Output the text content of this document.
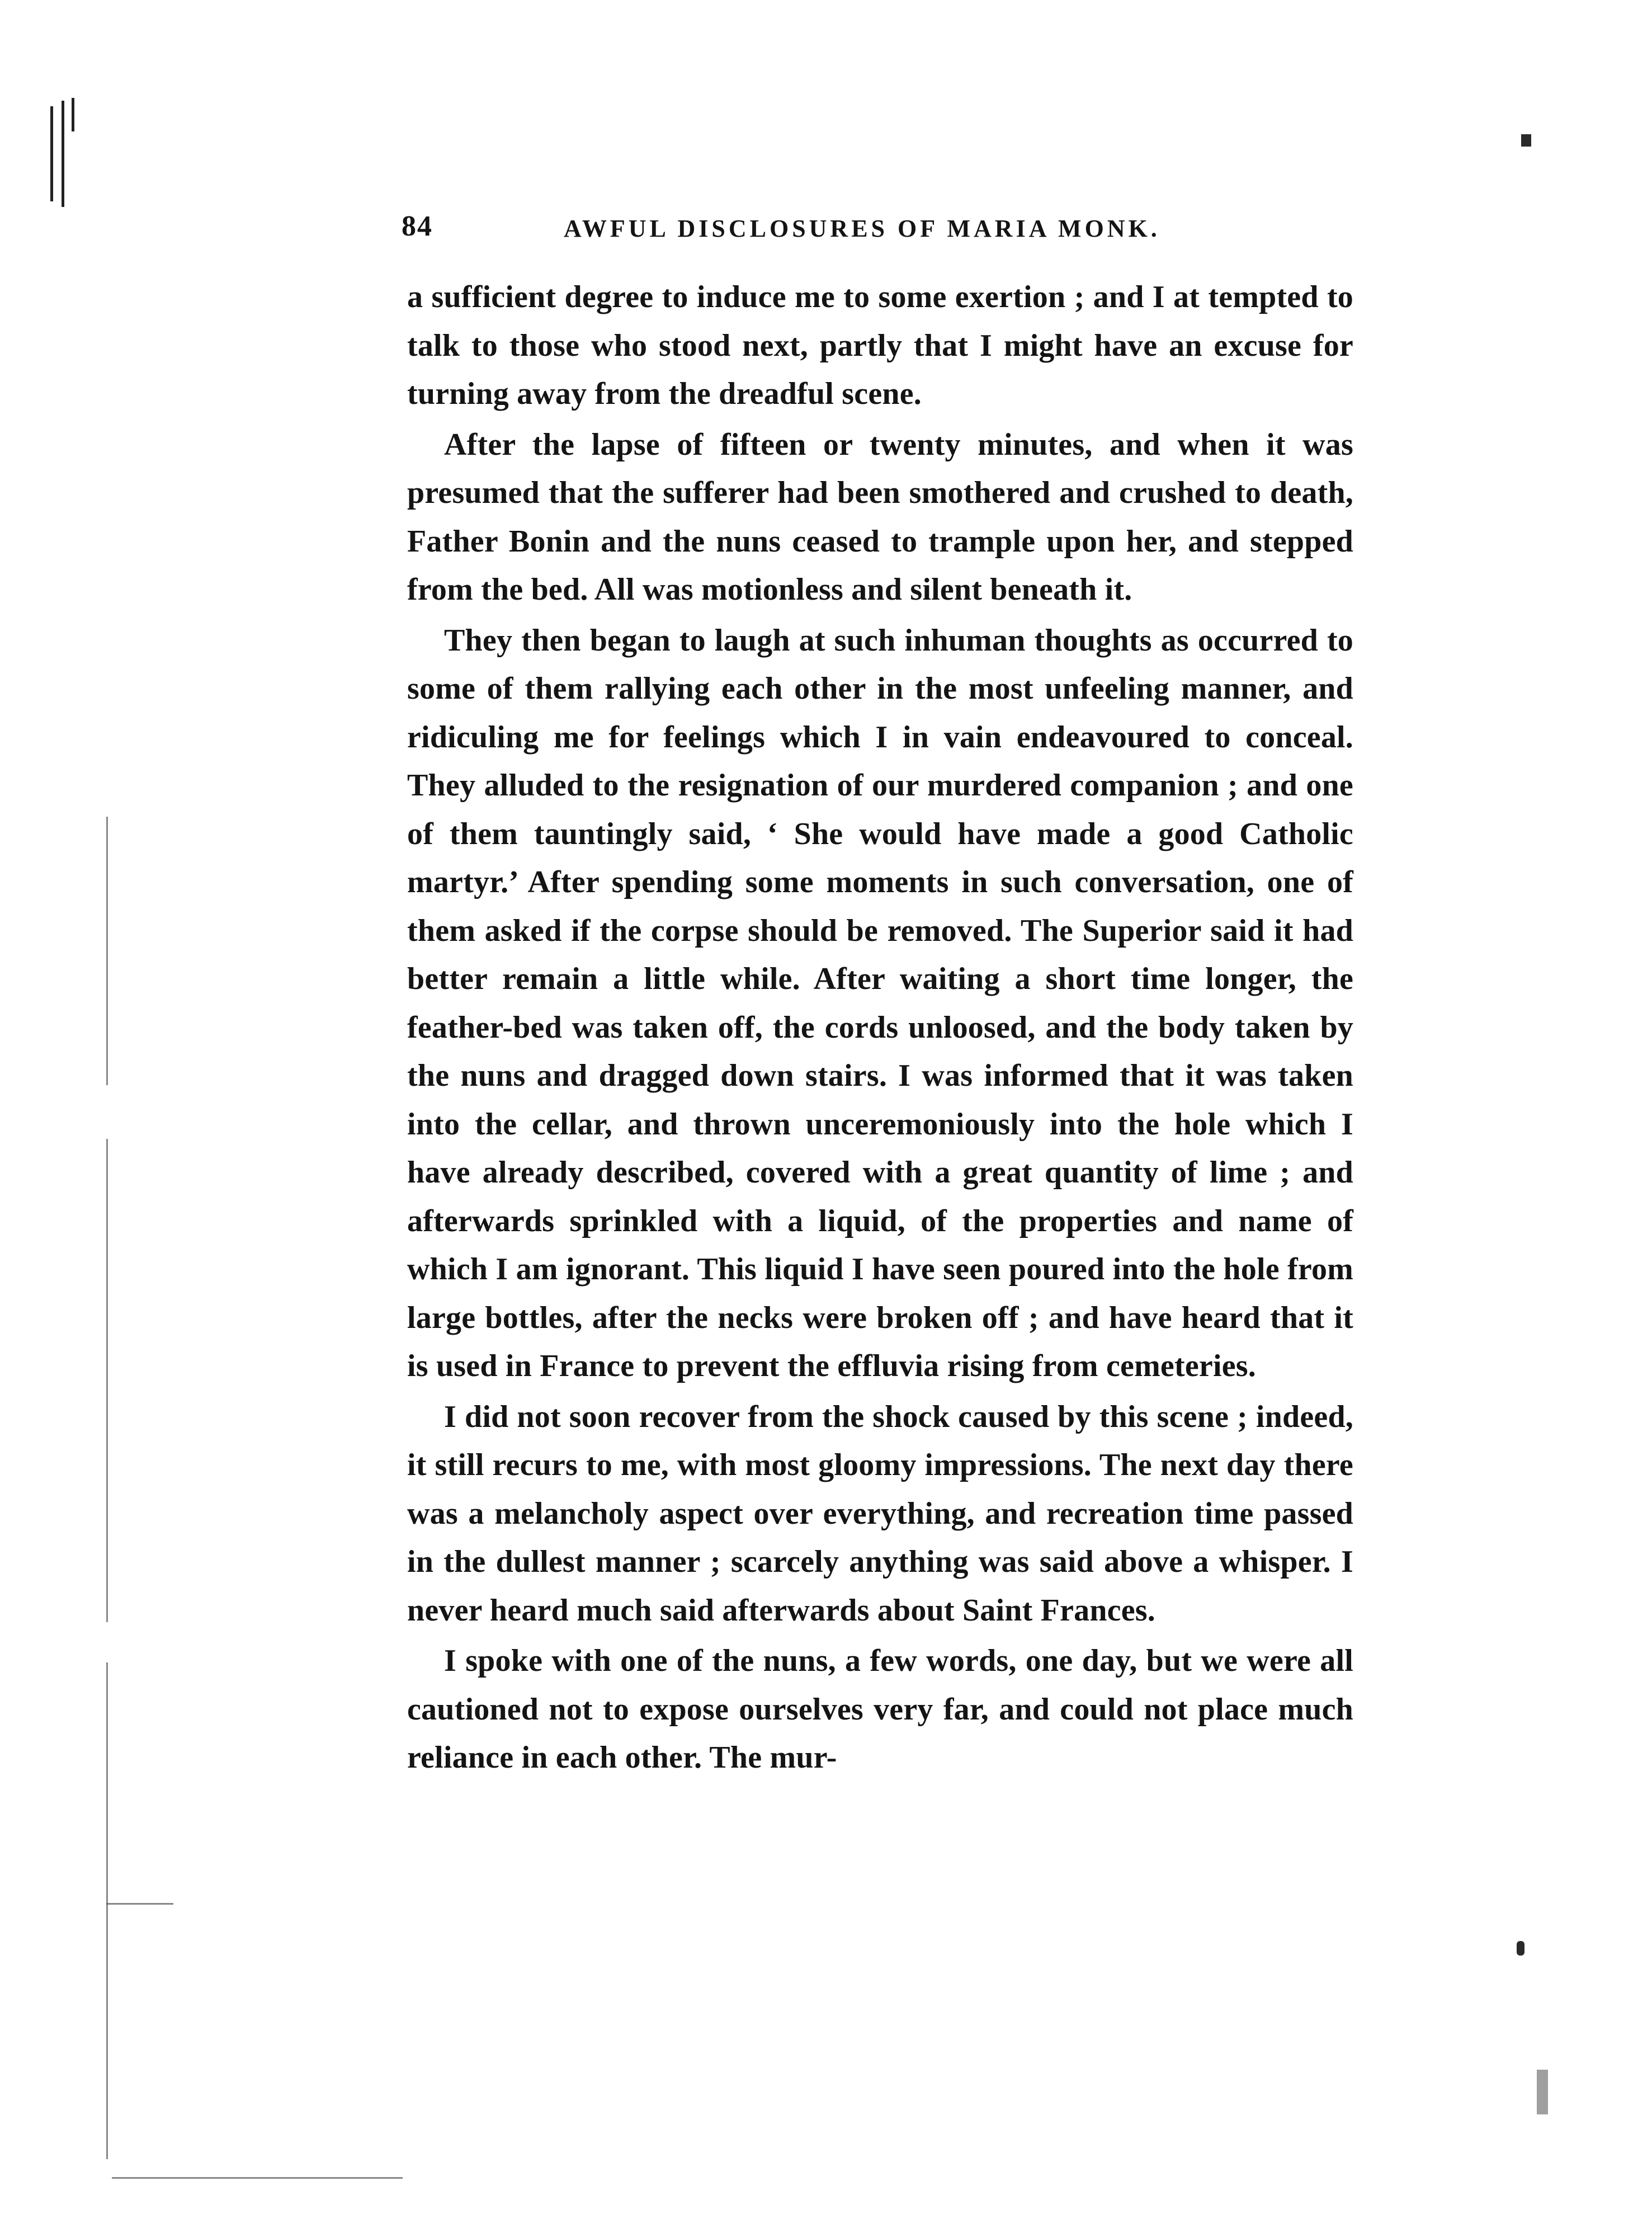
84	AWFUL DISCLOSURES OF MARIA MONK.

a sufficient degree to induce me to some exertion ; and I at tempted to talk to those who stood next, partly that I might have an excuse for turning away from the dreadful scene.

After the lapse of fifteen or twenty minutes, and when it was presumed that the sufferer had been smothered and crushed to death, Father Bonin and the nuns ceased to trample upon her, and stepped from the bed. All was motionless and silent beneath it.

They then began to laugh at such inhuman thoughts as occurred to some of them rallying each other in the most unfeeling manner, and ridiculing me for feelings which I in vain endeavoured to conceal. They alluded to the resignation of our murdered companion ; and one of them tauntingly said, ‘ She would have made a good Catholic martyr.’ After spending some moments in such conversation, one of them asked if the corpse should be removed. The Superior said it had better remain a little while. After waiting a short time longer, the feather-bed was taken off, the cords unloosed, and the body taken by the nuns and dragged down stairs. I was informed that it was taken into the cellar, and thrown unceremoniously into the hole which I have already described, covered with a great quantity of lime ; and afterwards sprinkled with a liquid, of the properties and name of which I am ignorant. This liquid I have seen poured into the hole from large bottles, after the necks were broken off ; and have heard that it is used in France to prevent the effluvia rising from cemeteries.

I did not soon recover from the shock caused by this scene ; indeed, it still recurs to me, with most gloomy impressions. The next day there was a melancholy aspect over everything, and recreation time passed in the dullest manner ; scarcely anything was said above a whisper. I never heard much said afterwards about Saint Frances.

I spoke with one of the nuns, a few words, one day, but we were all cautioned not to expose ourselves very far, and could not place much reliance in each other. The mur-
